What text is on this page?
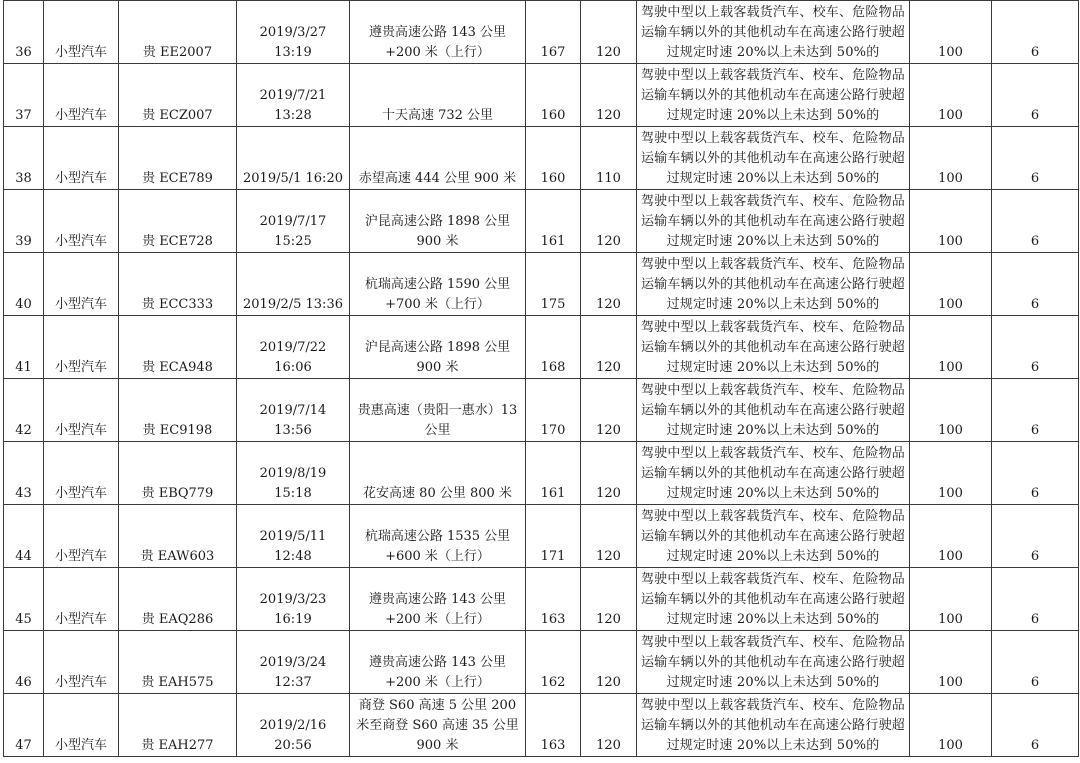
36	小型汽车	贵 EE2007	2019/3/27 13:19	遵贵高速公路 143 公里+200 米（上行）	167	120	驾驶中型以上载客载货汽车、校车、危险物品运输车辆以外的其他机动车在高速公路行驶超过规定时速 20%以上未达到 50%的	100	6
37	小型汽车	贵 ECZ007	2019/7/21 13:28	十天高速 732 公里	160	120	驾驶中型以上载客载货汽车、校车、危险物品运输车辆以外的其他机动车在高速公路行驶超过规定时速 20%以上未达到 50%的	100	6
38	小型汽车	贵 ECE789	2019/5/1 16:20	赤望高速 444 公里 900 米	160	110	驾驶中型以上载客载货汽车、校车、危险物品运输车辆以外的其他机动车在高速公路行驶超过规定时速 20%以上未达到 50%的	100	6
39	小型汽车	贵 ECE728	2019/7/17 15:25	沪昆高速公路 1898 公里 900 米	161	120	驾驶中型以上载客载货汽车、校车、危险物品运输车辆以外的其他机动车在高速公路行驶超过规定时速 20%以上未达到 50%的	100	6
40	小型汽车	贵 ECC333	2019/2/5 13:36	杭瑞高速公路 1590 公里+700 米（上行）	175	120	驾驶中型以上载客载货汽车、校车、危险物品运输车辆以外的其他机动车在高速公路行驶超过规定时速 20%以上未达到 50%的	100	6
41	小型汽车	贵 ECA948	2019/7/22 16:06	沪昆高速公路 1898 公里 900 米	168	120	驾驶中型以上载客载货汽车、校车、危险物品运输车辆以外的其他机动车在高速公路行驶超过规定时速 20%以上未达到 50%的	100	6
42	小型汽车	贵 EC9198	2019/7/14 13:56	贵惠高速（贵阳一惠水）13 公里	170	120	驾驶中型以上载客载货汽车、校车、危险物品运输车辆以外的其他机动车在高速公路行驶超过规定时速 20%以上未达到 50%的	100	6
43	小型汽车	贵 EBQ779	2019/8/19 15:18	花安高速 80 公里 800 米	161	120	驾驶中型以上载客载货汽车、校车、危险物品运输车辆以外的其他机动车在高速公路行驶超过规定时速 20%以上未达到 50%的	100	6
44	小型汽车	贵 EAW603	2019/5/11 12:48	杭瑞高速公路 1535 公里+600 米（上行）	171	120	驾驶中型以上载客载货汽车、校车、危险物品运输车辆以外的其他机动车在高速公路行驶超过规定时速 20%以上未达到 50%的	100	6
45	小型汽车	贵 EAQ286	2019/3/23 16:19	遵贵高速公路 143 公里+200 米（上行）	163	120	驾驶中型以上载客载货汽车、校车、危险物品运输车辆以外的其他机动车在高速公路行驶超过规定时速 20%以上未达到 50%的	100	6
46	小型汽车	贵 EAH575	2019/3/24 12:37	遵贵高速公路 143 公里+200 米（上行）	162	120	驾驶中型以上载客载货汽车、校车、危险物品运输车辆以外的其他机动车在高速公路行驶超过规定时速 20%以上未达到 50%的	100	6
47	小型汽车	贵 EAH277	2019/2/16 20:56	商登 S60 高速 5 公里 200 米至商登 S60 高速 35 公里 900 米	163	120	驾驶中型以上载客载货汽车、校车、危险物品运输车辆以外的其他机动车在高速公路行驶超过规定时速 20%以上未达到 50%的	100	6
